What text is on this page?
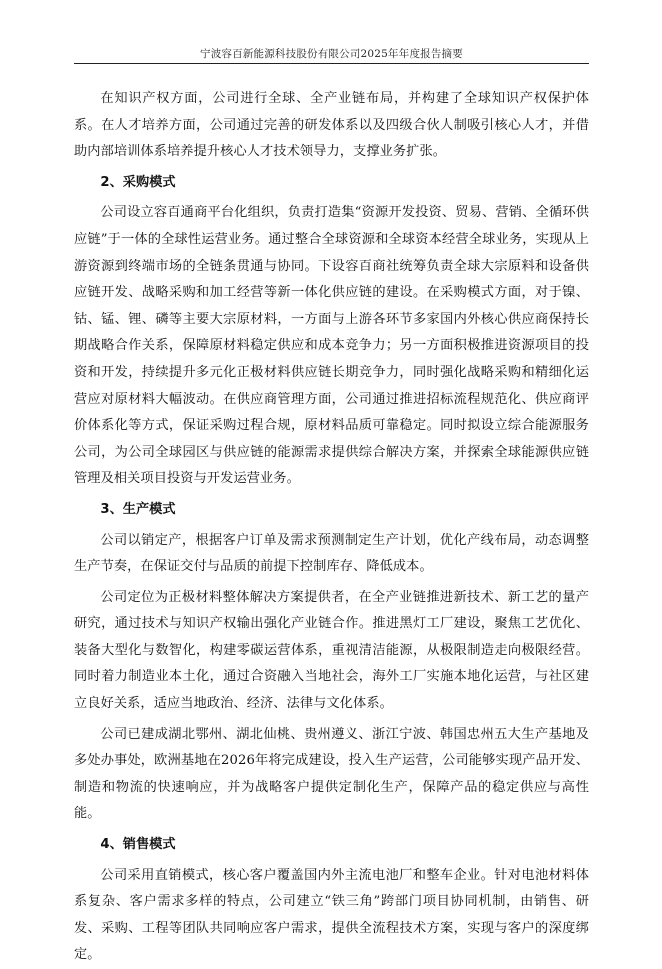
宁波容百新能源科技股份有限公司2025年年度报告摘要

在知识产权方面，公司进行全球、全产业链布局，并构建了全球知识产权保护体系。在人才培养方面，公司通过完善的研发体系以及四级合伙人制吸引核心人才，并借助内部培训体系培养提升核心人才技术领导力，支撑业务扩张。

2、采购模式

公司设立容百通商平台化组织，负责打造集“资源开发投资、贸易、营销、全循环供应链”于一体的全球性运营业务。通过整合全球资源和全球资本经营全球业务，实现从上游资源到终端市场的全链条贯通与协同。下设容百商社统筹负责全球大宗原料和设备供应链开发、战略采购和加工经营等新一体化供应链的建设。在采购模式方面，对于镍、钴、锰、锂、磷等主要大宗原材料，一方面与上游各环节多家国内外核心供应商保持长期战略合作关系，保障原材料稳定供应和成本竞争力；另一方面积极推进资源项目的投资和开发，持续提升多元化正极材料供应链长期竞争力，同时强化战略采购和精细化运营应对原材料大幅波动。在供应商管理方面，公司通过推进招标流程规范化、供应商评价体系化等方式，保证采购过程合规，原材料品质可靠稳定。同时拟设立综合能源服务公司，为公司全球园区与供应链的能源需求提供综合解决方案，并探索全球能源供应链管理及相关项目投资与开发运营业务。

3、生产模式

公司以销定产，根据客户订单及需求预测制定生产计划，优化产线布局，动态调整生产节奏，在保证交付与品质的前提下控制库存、降低成本。

公司定位为正极材料整体解决方案提供者，在全产业链推进新技术、新工艺的量产研究，通过技术与知识产权输出强化产业链合作。推进黑灯工厂建设，聚焦工艺优化、装备大型化与数智化，构建零碳运营体系，重视清洁能源，从极限制造走向极限经营。同时着力制造业本土化，通过合资融入当地社会，海外工厂实施本地化运营，与社区建立良好关系，适应当地政治、经济、法律与文化体系。

公司已建成湖北鄂州、湖北仙桃、贵州遵义、浙江宁波、韩国忠州五大生产基地及多处办事处，欧洲基地在2026年将完成建设，投入生产运营，公司能够实现产品开发、制造和物流的快速响应，并为战略客户提供定制化生产，保障产品的稳定供应与高性能。

4、销售模式

公司采用直销模式，核心客户覆盖国内外主流电池厂和整车企业。针对电池材料体系复杂、客户需求多样的特点，公司建立“铁三角”跨部门项目协同机制，由销售、研发、采购、工程等团队共同响应客户需求，提供全流程技术方案，实现与客户的深度绑定。
